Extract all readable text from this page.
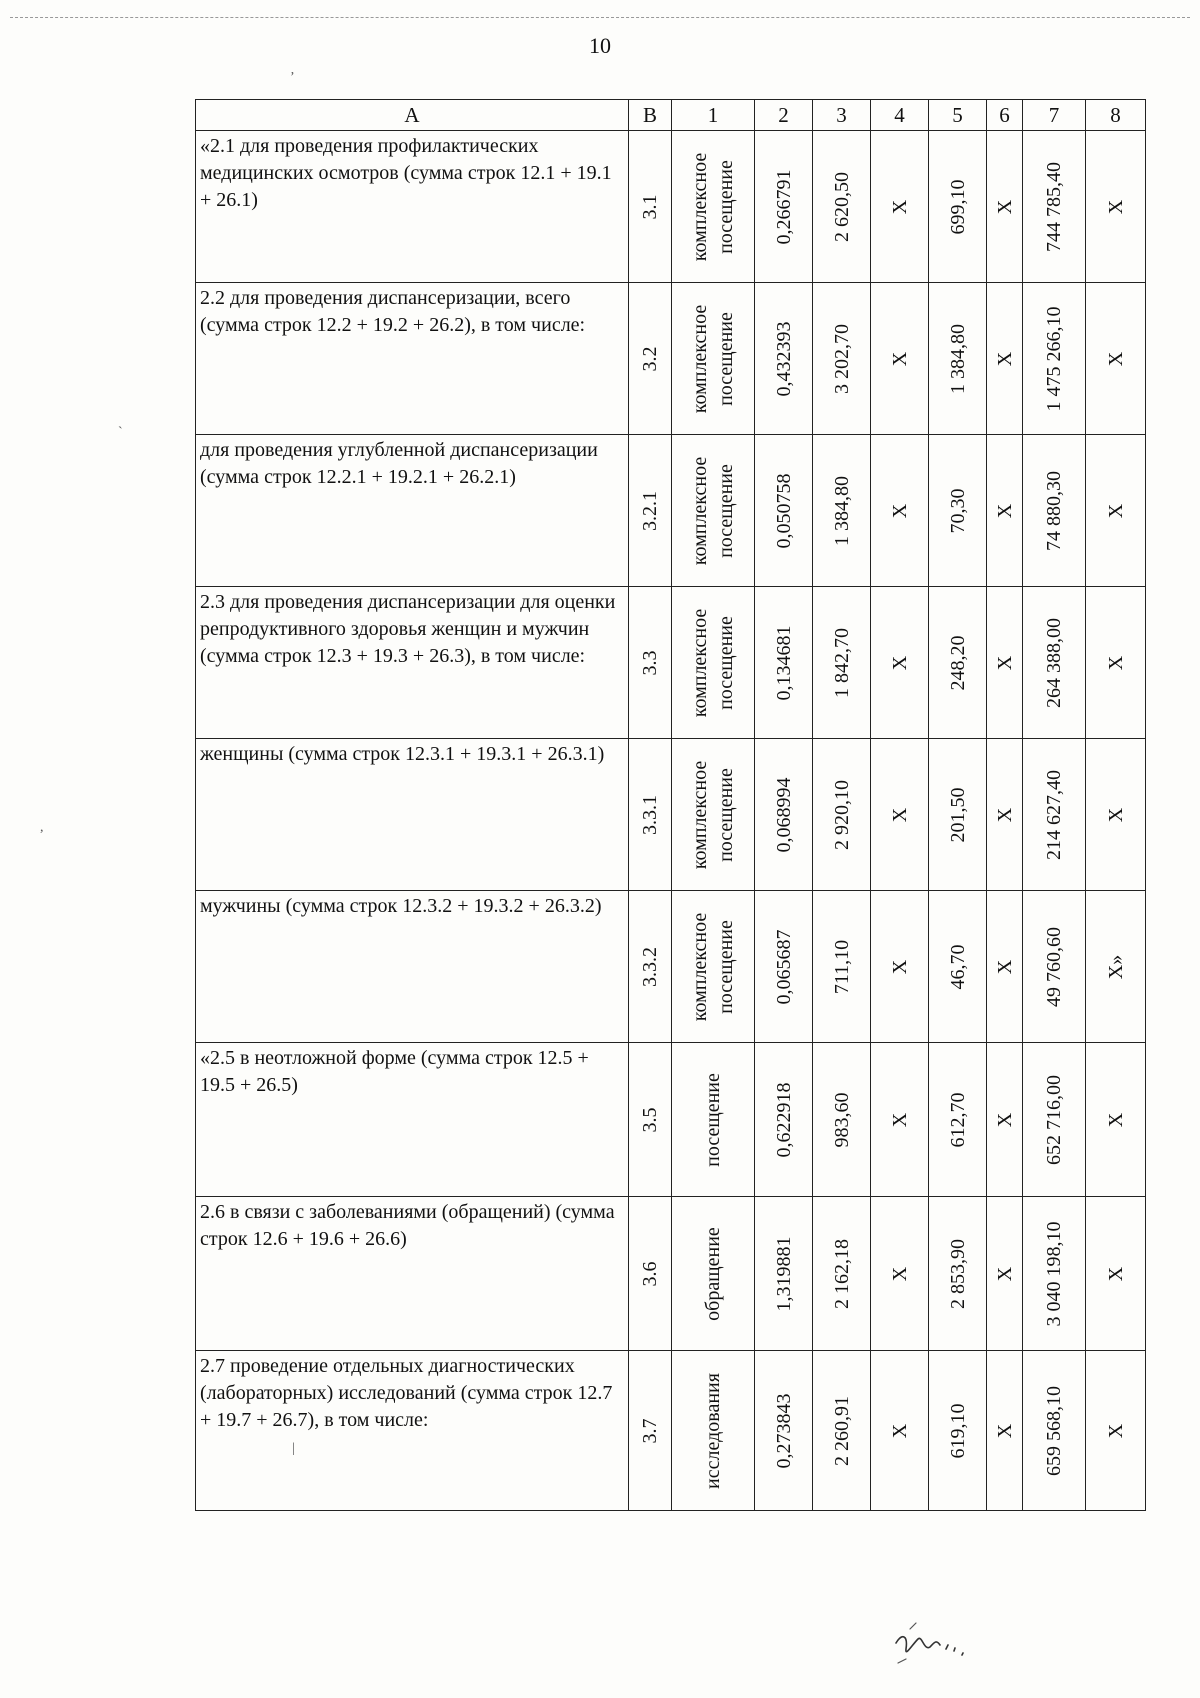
10
A	B	1	2	3	4	5	6	7	8
«2.1 для проведения профилактических медицинских осмотров (сумма строк 12.1 + 19.1 + 26.1)	3.1	комплексное посещение	0,266791	2 620,50	X	699,10	X	744 785,40	X

2.2 для проведения диспансеризации, всего (сумма строк 12.2 + 19.2 + 26.2), в том числе:	3.2	комплексное посещение	0,432393	3 202,70	X	1 384,80	X	1 475 266,10	X

для проведения углубленной диспансеризации (сумма строк 12.2.1 + 19.2.1 + 26.2.1)	3.2.1	комплексное посещение	0,050758	1 384,80	X	70,30	X	74 880,30	X

2.3 для проведения диспансеризации для оценки репродуктивного здоровья женщин и мужчин (сумма строк 12.3 + 19.3 + 26.3), в том числе:	3.3	комплексное посещение	0,134681	1 842,70	X	248,20	X	264 388,00	X

женщины (сумма строк 12.3.1 + 19.3.1 + 26.3.1)	3.3.1	комплексное посещение	0,068994	2 920,10	X	201,50	X	214 627,40	X

мужчины (сумма строк 12.3.2 + 19.3.2 + 26.3.2)	3.3.2	комплексное посещение	0,065687	711,10	X	46,70	X	49 760,60	X»

«2.5 в неотложной форме (сумма строк 12.5 + 19.5 + 26.5)	3.5	посещение	0,622918	983,60	X	612,70	X	652 716,00	X

2.6 в связи с заболеваниями (обращений) (сумма строк 12.6 + 19.6 + 26.6)	3.6	обращение	1,319881	2 162,18	X	2 853,90	X	3 040 198,10	X

2.7 проведение отдельных диагностических (лабораторных) исследований (сумма строк 12.7 + 19.7 + 26.7), в том числе:	3.7	исследования	0,273843	2 260,91	X	619,10	X	659 568,10	X
’
`
,
|
